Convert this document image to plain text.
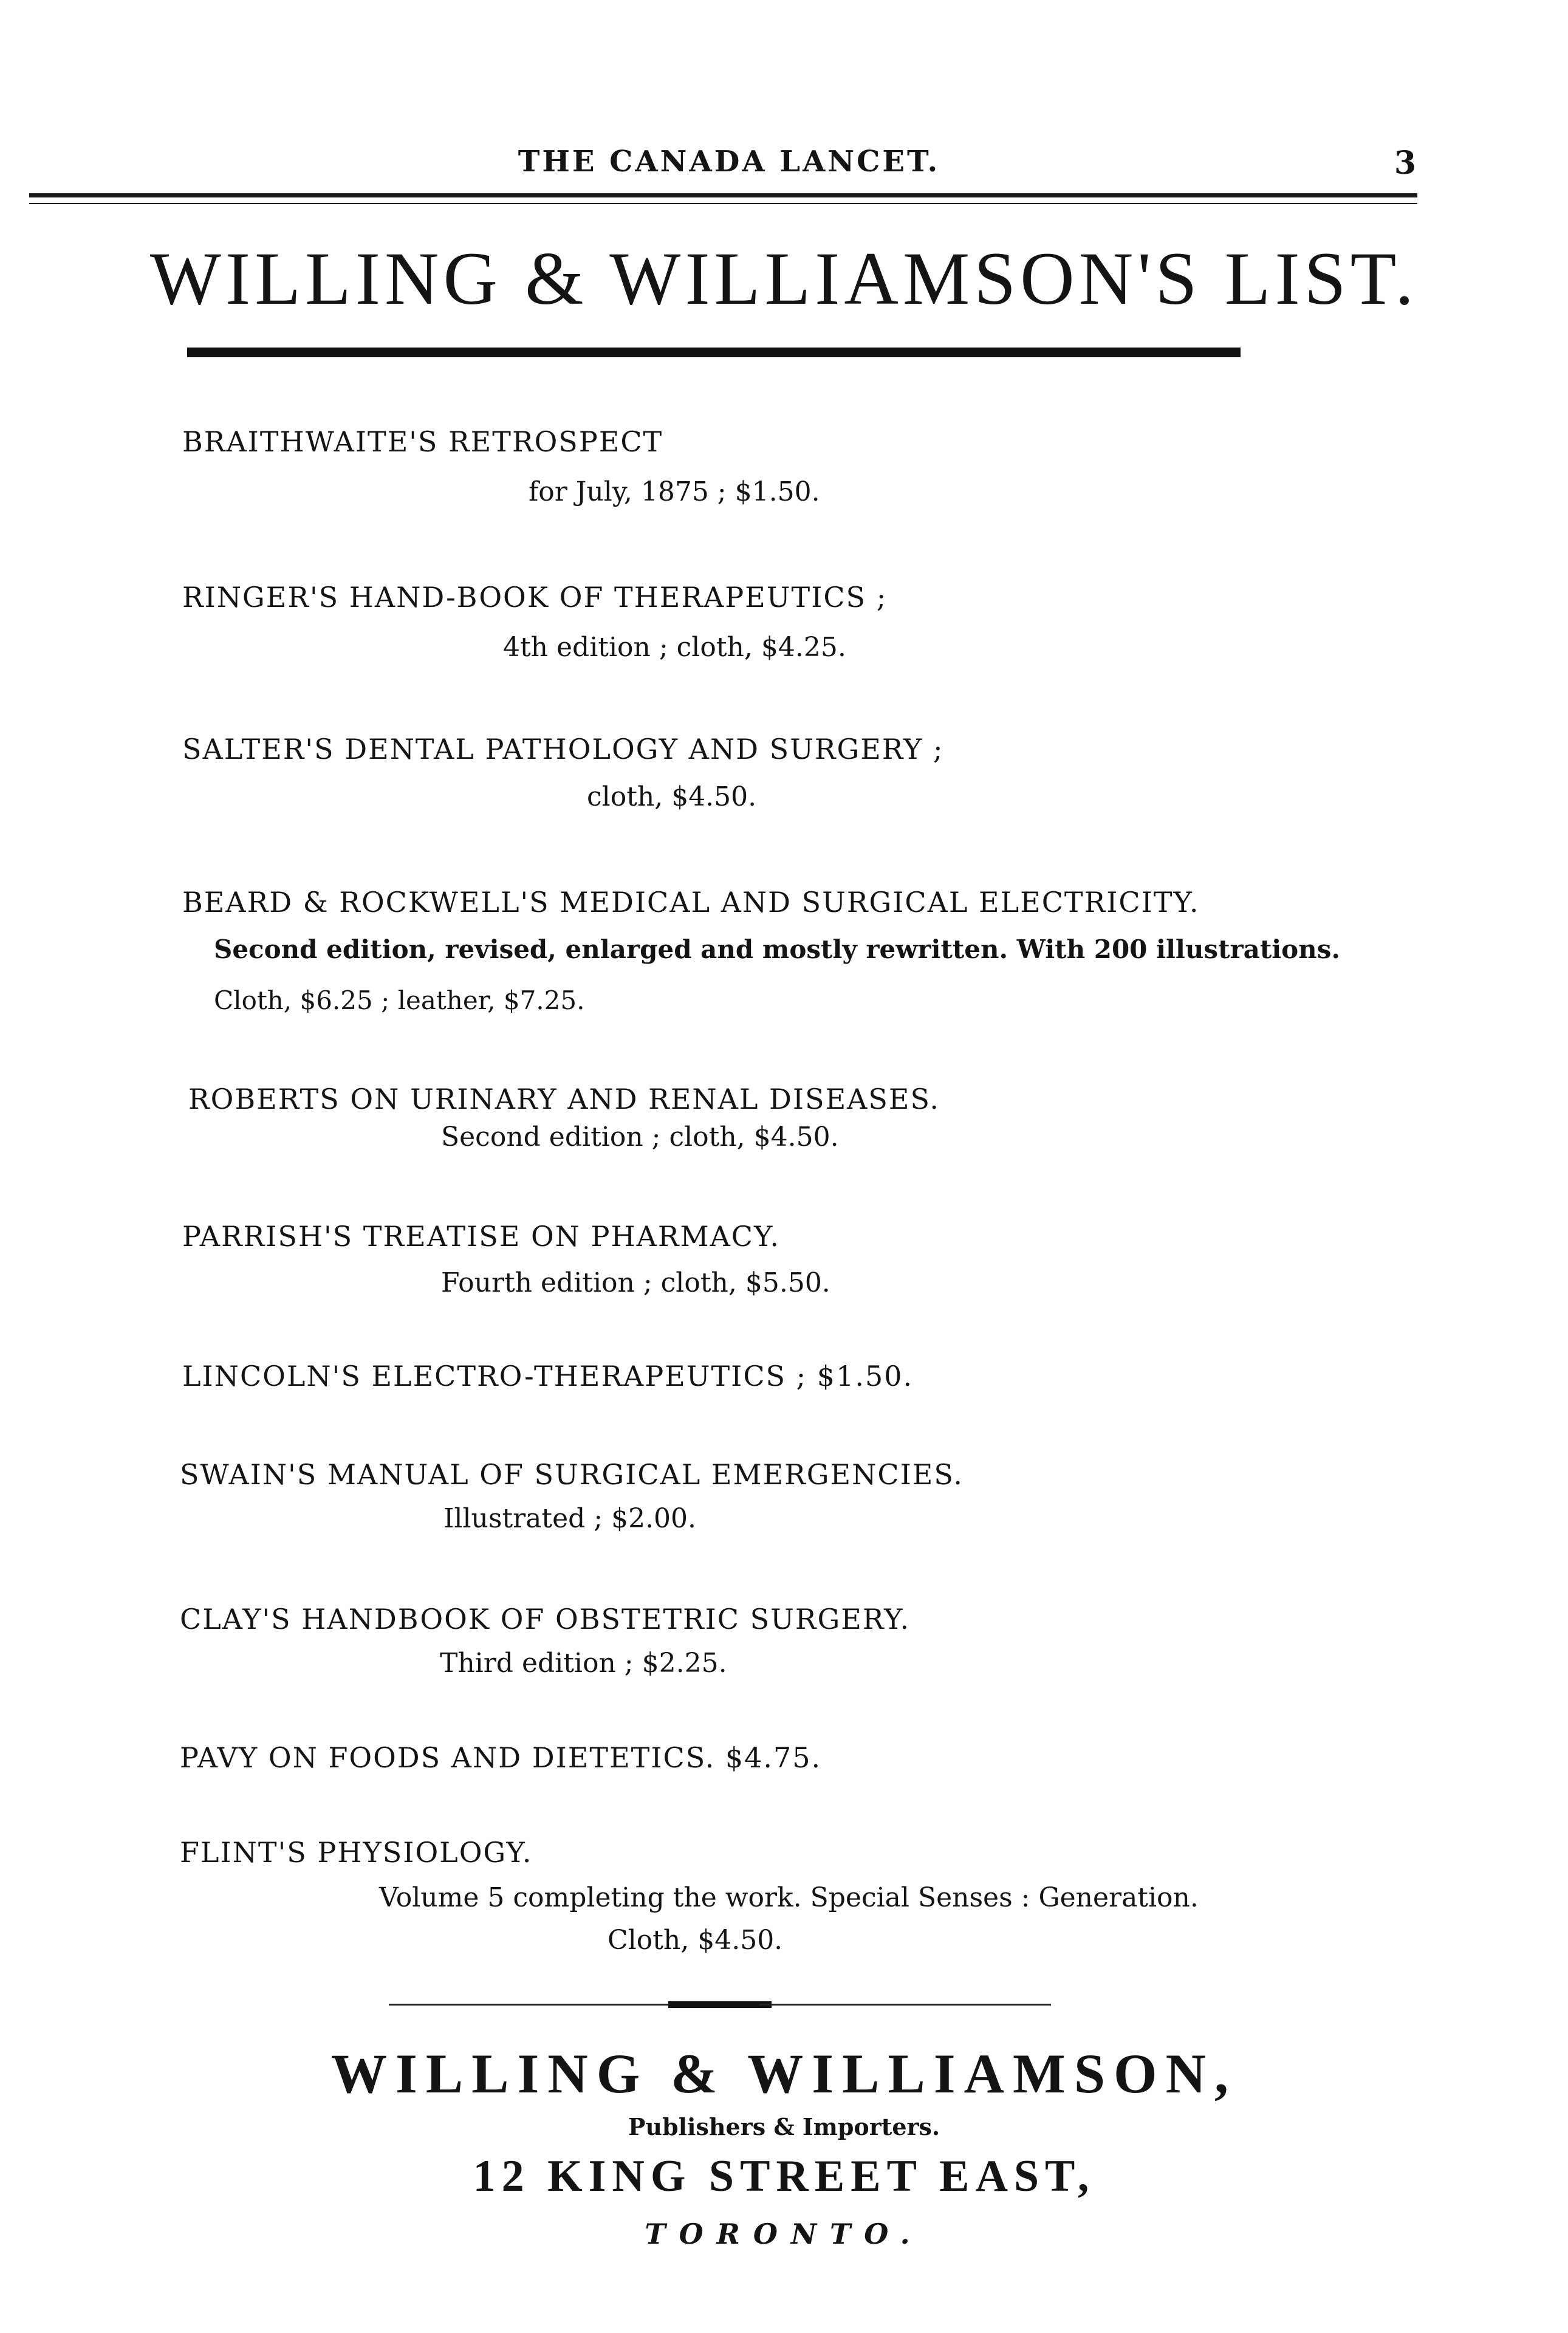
THE CANADA LANCET.	3
WILLING & WILLIAMSON'S LIST.
BRAITHWAITE'S RETROSPECT
for July, 1875 ; $1.50.
RINGER'S HAND-BOOK OF THERAPEUTICS ;
4th edition ; cloth, $4.25.
SALTER'S DENTAL PATHOLOGY AND SURGERY ;
cloth, $4.50.
BEARD & ROCKWELL'S MEDICAL AND SURGICAL ELECTRICITY.
Second edition, revised, enlarged and mostly rewritten. With 200 illustrations.
Cloth, $6.25 ; leather, $7.25.
ROBERTS ON URINARY AND RENAL DISEASES.
Second edition ; cloth, $4.50.
PARRISH'S TREATISE ON PHARMACY.
Fourth edition ; cloth, $5.50.
LINCOLN'S ELECTRO-THERAPEUTICS ; $1.50.
SWAIN'S MANUAL OF SURGICAL EMERGENCIES.
Illustrated ; $2.00.
CLAY'S HANDBOOK OF OBSTETRIC SURGERY.
Third edition ; $2.25.
PAVY ON FOODS AND DIETETICS. $4.75.
FLINT'S PHYSIOLOGY.
Volume 5 completing the work. Special Senses : Generation.
Cloth, $4.50.
WILLING & WILLIAMSON,
Publishers & Importers.
12 KING STREET EAST,
TORONTO.
